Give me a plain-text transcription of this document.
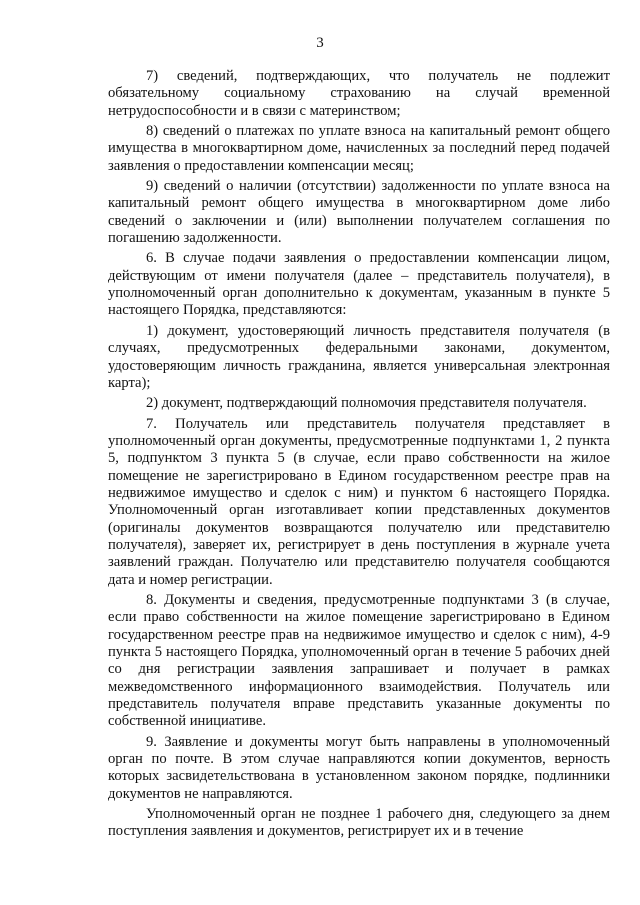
3

7) сведений, подтверждающих, что получатель не подлежит обязательному социальному страхованию на случай временной нетрудоспособности и в связи с материнством;

8) сведений о платежах по уплате взноса на капитальный ремонт общего имущества в многоквартирном доме, начисленных за последний перед подачей заявления о предоставлении компенсации месяц;

9) сведений о наличии (отсутствии) задолженности по уплате взноса на капитальный ремонт общего имущества в многоквартирном доме либо сведений о заключении и (или) выполнении получателем соглашения по погашению задолженности.

6. В случае подачи заявления о предоставлении компенсации лицом, действующим от имени получателя (далее – представитель получателя), в уполномоченный орган дополнительно к документам, указанным в пункте 5 настоящего Порядка, представляются:

1) документ, удостоверяющий личность представителя получателя (в случаях, предусмотренных федеральными законами, документом, удостоверяющим личность гражданина, является универсальная электронная карта);

2) документ, подтверждающий полномочия представителя получателя.

7. Получатель или представитель получателя представляет в уполномоченный орган документы, предусмотренные подпунктами 1, 2 пункта 5, подпунктом 3 пункта 5 (в случае, если право собственности на жилое помещение не зарегистрировано в Едином государственном реестре прав на недвижимое имущество и сделок с ним) и пунктом 6 настоящего Порядка. Уполномоченный орган изготавливает копии представленных документов (оригиналы документов возвращаются получателю или представителю получателя), заверяет их, регистрирует в день поступления в журнале учета заявлений граждан. Получателю или представителю получателя сообщаются дата и номер регистрации.

8. Документы и сведения, предусмотренные подпунктами 3 (в случае, если право собственности на жилое помещение зарегистрировано в Едином государственном реестре прав на недвижимое имущество и сделок с ним), 4-9 пункта 5 настоящего Порядка, уполномоченный орган в течение 5 рабочих дней со дня регистрации заявления запрашивает и получает в рамках межведомственного информационного взаимодействия. Получатель или представитель получателя вправе представить указанные документы по собственной инициативе.

9. Заявление и документы могут быть направлены в уполномоченный орган по почте. В этом случае направляются копии документов, верность которых засвидетельствована в установленном законом порядке, подлинники документов не направляются.

Уполномоченный орган не позднее 1 рабочего дня, следующего за днем поступления заявления и документов, регистрирует их и в течение
